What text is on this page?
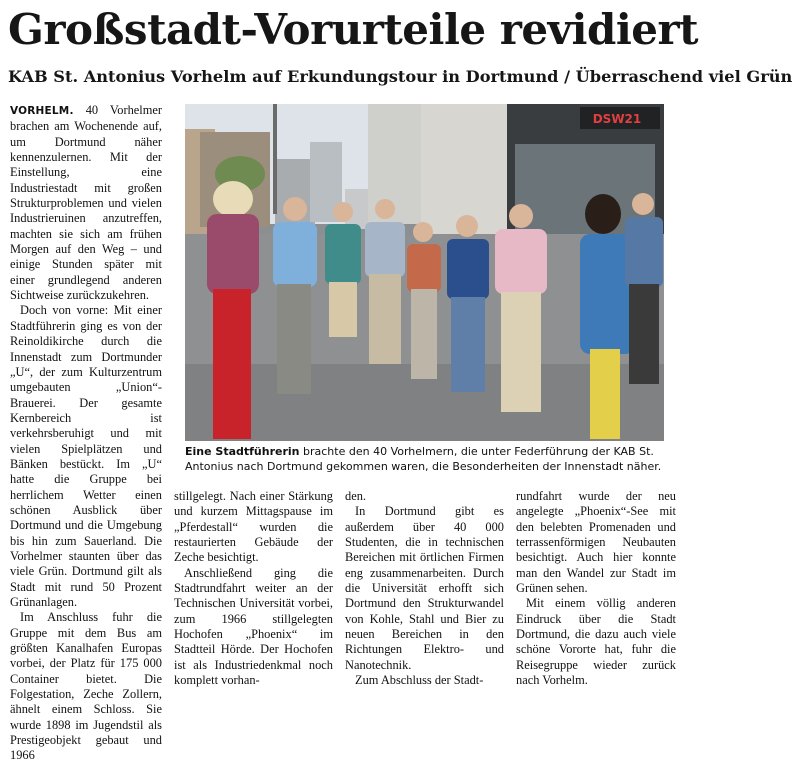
Großstadt-Vorurteile revidiert
KAB St. Antonius Vorhelm auf Erkundungstour in Dortmund / Überraschend viel Grün

VORHELM. 40 Vorhelmer brachen am Wochenende auf, um Dortmund näher kennenzulernen. Mit der Einstellung, eine Industriestadt mit großen Strukturproblemen und vielen Industrieruinen anzutreffen, machten sie sich am frühen Morgen auf den Weg – und einige Stunden später mit einer grundlegend anderen Sichtweise zurückzukehren.

Doch von vorne: Mit einer Stadtführerin ging es von der Reinoldikirche durch die Innenstadt zum Dortmunder „U“, der zum Kulturzentrum umgebauten „Union“-Brauerei. Der gesamte Kernbereich ist verkehrsberuhigt und mit vielen Spielplätzen und Bänken bestückt. Im „U“ hatte die Gruppe bei herrlichem Wetter einen schönen Ausblick über Dortmund und die Umgebung bis hin zum Sauerland. Die Vorhelmer staunten über das viele Grün. Dortmund gilt als Stadt mit rund 50 Prozent Grünanlagen.

Im Anschluss fuhr die Gruppe mit dem Bus am größten Kanalhafen Europas vorbei, der Platz für 175 000 Container bietet. Die Folgestation, Zeche Zollern, ähnelt einem Schloss. Sie wurde 1898 im Jugendstil als Prestigeobjekt gebaut und 1966

DSW21

Eine Stadtführerin brachte den 40 Vorhelmern, die unter Federführung der KAB St. Antonius nach Dortmund gekommen waren, die Besonderheiten der Innenstadt näher.

stillgelegt. Nach einer Stärkung und kurzem Mittagspause im „Pferdestall“ wurden die restaurierten Gebäude der Zeche besichtigt.

Anschließend ging die Stadtrundfahrt weiter an der Technischen Universität vorbei, zum 1966 stillgelegten Hochofen „Phoenix“ im Stadtteil Hörde. Der Hochofen ist als Industriedenkmal noch komplett vorhan-

den.

In Dortmund gibt es außerdem über 40 000 Studenten, die in technischen Bereichen mit örtlichen Firmen eng zusammenarbeiten. Durch die Universität erhofft sich Dortmund den Strukturwandel von Kohle, Stahl und Bier zu neuen Bereichen in den Richtungen Elektro- und Nanotechnik.

Zum Abschluss der Stadt-

rundfahrt wurde der neu angelegte „Phoenix“-See mit den belebten Promenaden und terrassenförmigen Neubauten besichtigt. Auch hier konnte man den Wandel zur Stadt im Grünen sehen.

Mit einem völlig anderen Eindruck über die Stadt Dortmund, die dazu auch viele schöne Vororte hat, fuhr die Reisegruppe wieder zurück nach Vorhelm.
